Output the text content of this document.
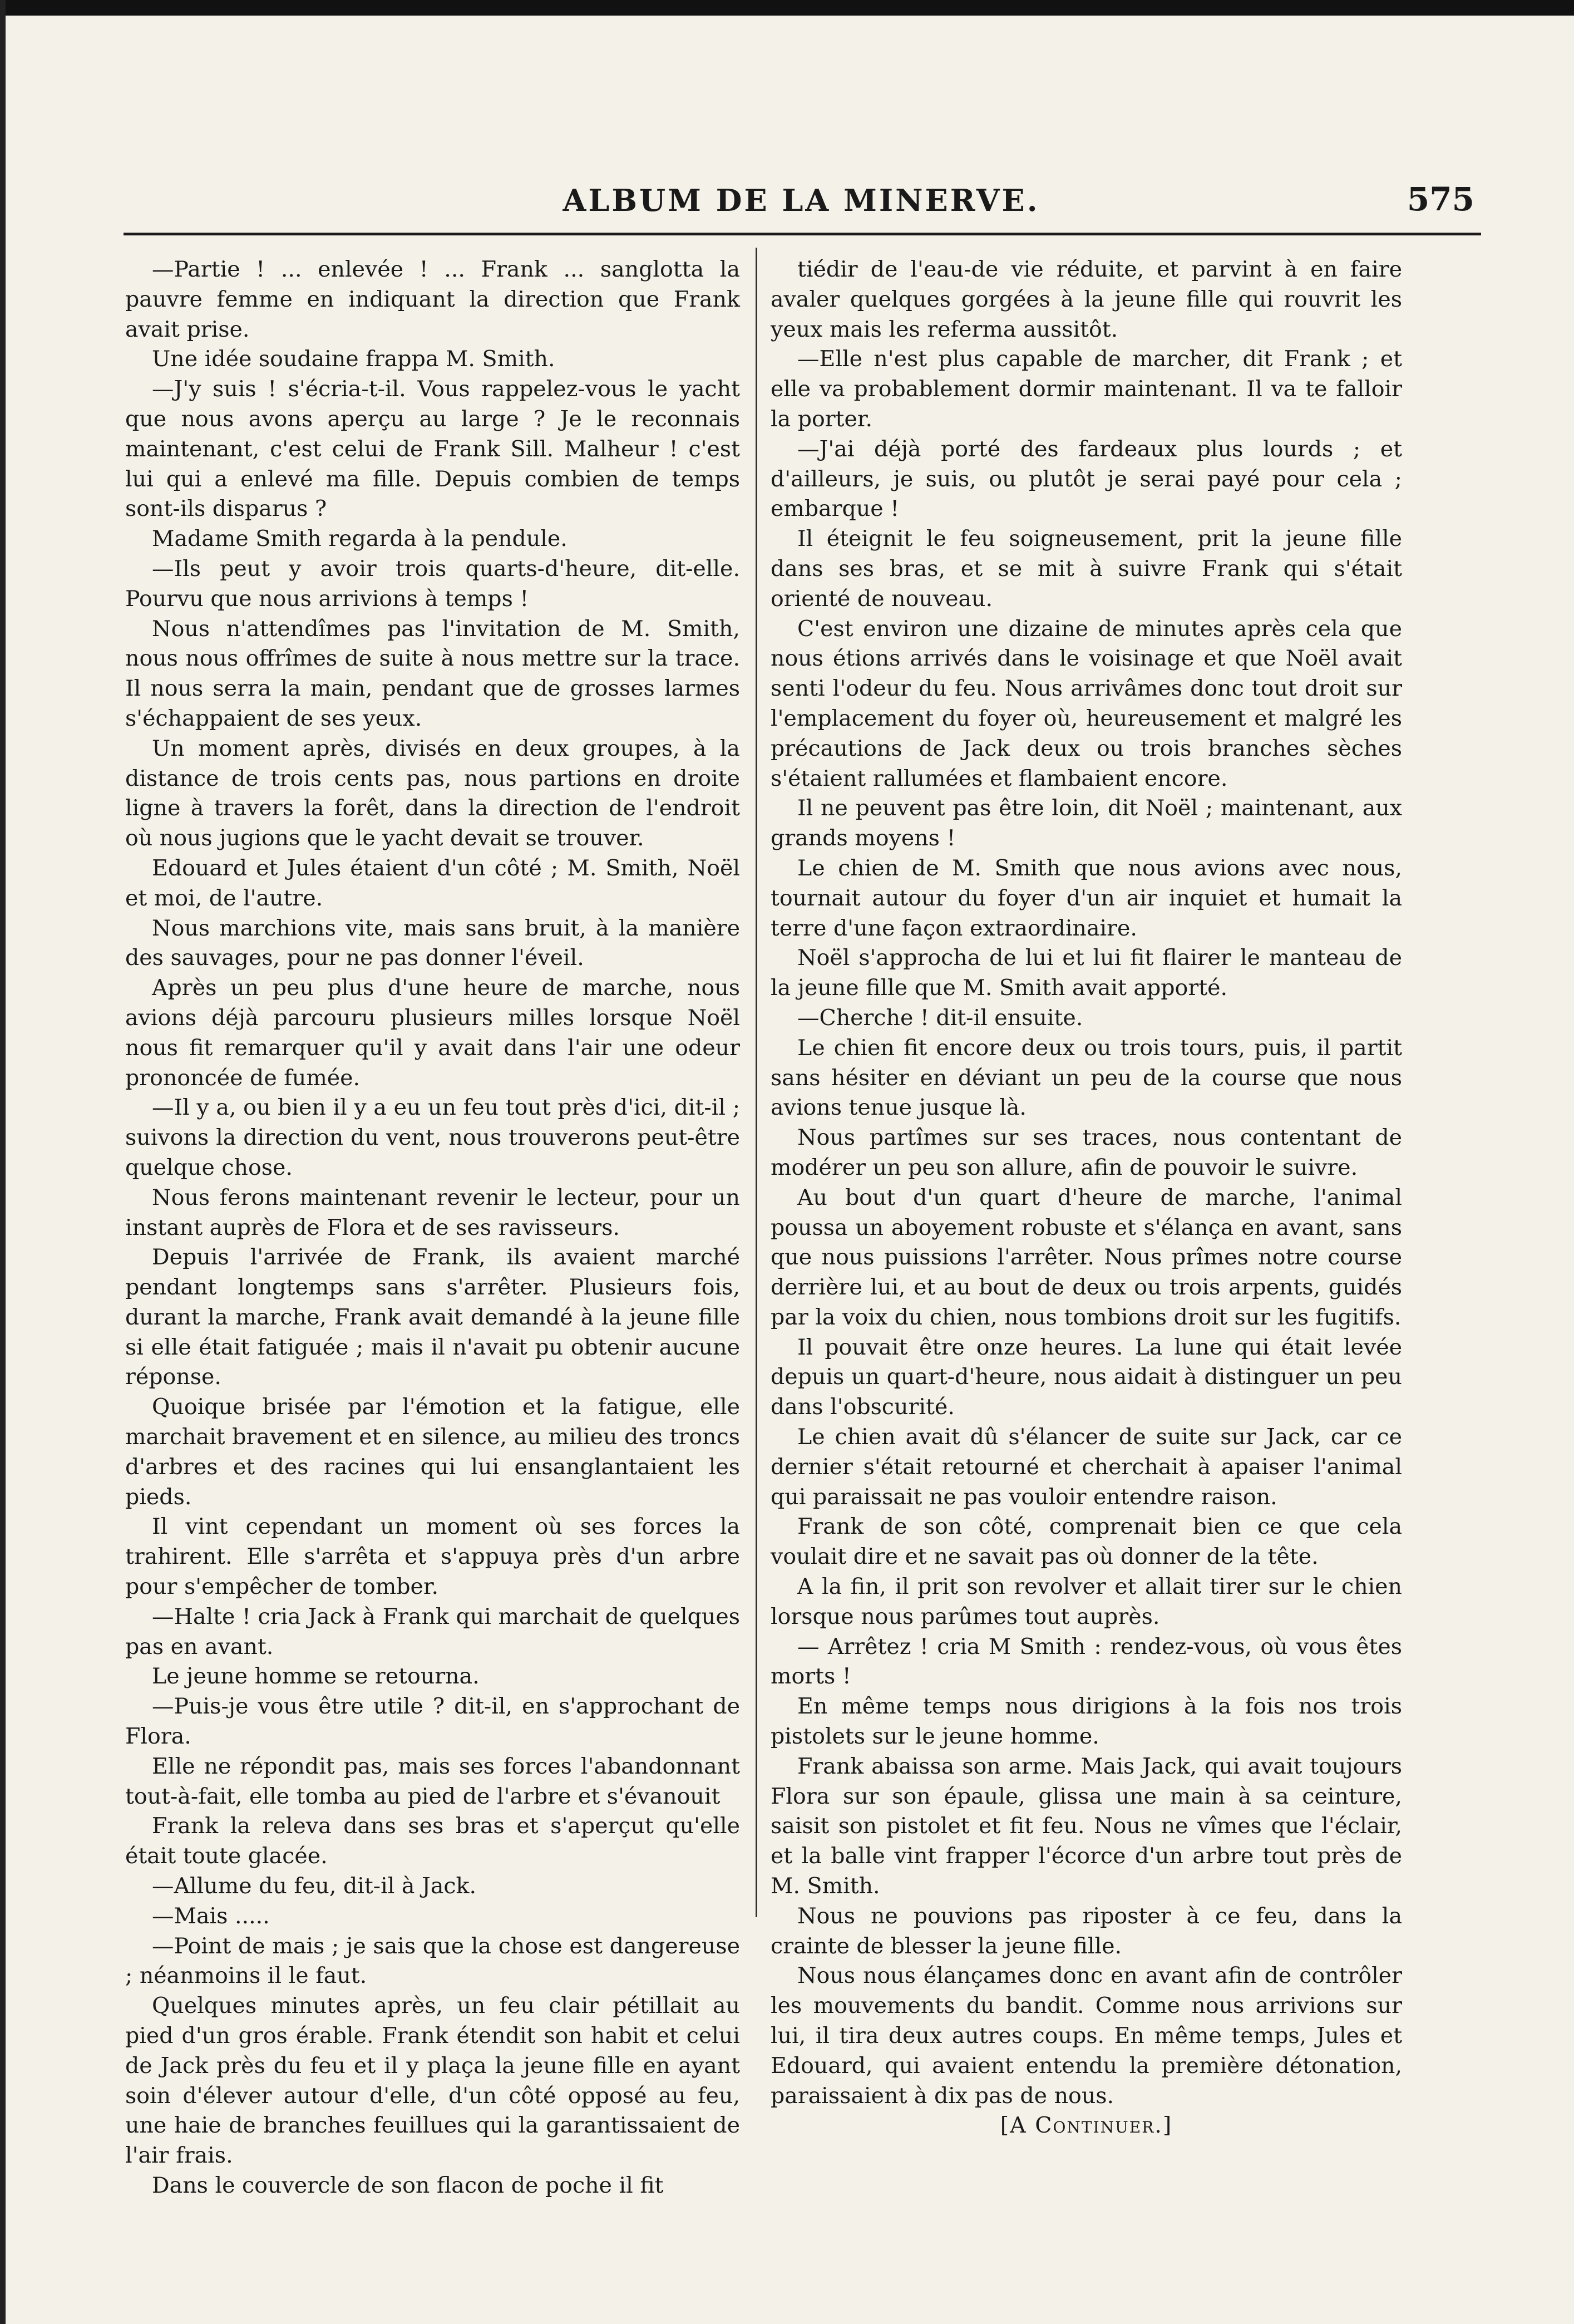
ALBUM DE LA MINERVE.	575

—Partie ! ... enlevée ! ... Frank ... sanglotta la pauvre femme en indiquant la direction que Frank avait prise.

Une idée soudaine frappa M. Smith.

—J'y suis ! s'écria-t-il. Vous rappelez-vous le yacht que nous avons aperçu au large ? Je le reconnais maintenant, c'est celui de Frank Sill. Malheur ! c'est lui qui a enlevé ma fille. Depuis combien de temps sont-ils disparus ?

Madame Smith regarda à la pendule.

—Ils peut y avoir trois quarts-d'heure, dit-elle. Pourvu que nous arrivions à temps !

Nous n'attendîmes pas l'invitation de M. Smith, nous nous offrîmes de suite à nous mettre sur la trace. Il nous serra la main, pendant que de grosses larmes s'échappaient de ses yeux.

Un moment après, divisés en deux groupes, à la distance de trois cents pas, nous partions en droite ligne à travers la forêt, dans la direction de l'endroit où nous jugions que le yacht devait se trouver.

Edouard et Jules étaient d'un côté ; M. Smith, Noël et moi, de l'autre.

Nous marchions vite, mais sans bruit, à la manière des sauvages, pour ne pas donner l'éveil.

Après un peu plus d'une heure de marche, nous avions déjà parcouru plusieurs milles lorsque Noël nous fit remarquer qu'il y avait dans l'air une odeur prononcée de fumée.

—Il y a, ou bien il y a eu un feu tout près d'ici, dit-il ; suivons la direction du vent, nous trouverons peut-être quelque chose.

Nous ferons maintenant revenir le lecteur, pour un instant auprès de Flora et de ses ravisseurs.

Depuis l'arrivée de Frank, ils avaient marché pendant longtemps sans s'arrêter. Plusieurs fois, durant la marche, Frank avait demandé à la jeune fille si elle était fatiguée ; mais il n'avait pu obtenir aucune réponse.

Quoique brisée par l'émotion et la fatigue, elle marchait bravement et en silence, au milieu des troncs d'arbres et des racines qui lui ensanglantaient les pieds.

Il vint cependant un moment où ses forces la trahirent. Elle s'arrêta et s'appuya près d'un arbre pour s'empêcher de tomber.

—Halte ! cria Jack à Frank qui marchait de quelques pas en avant.

Le jeune homme se retourna.

—Puis-je vous être utile ? dit-il, en s'approchant de Flora.

Elle ne répondit pas, mais ses forces l'abandonnant tout-à-fait, elle tomba au pied de l'arbre et s'évanouit

Frank la releva dans ses bras et s'aperçut qu'elle était toute glacée.

—Allume du feu, dit-il à Jack.

—Mais .....

—Point de mais ; je sais que la chose est dangereuse ; néanmoins il le faut.

Quelques minutes après, un feu clair pétillait au pied d'un gros érable. Frank étendit son habit et celui de Jack près du feu et il y plaça la jeune fille en ayant soin d'élever autour d'elle, d'un côté opposé au feu, une haie de branches feuillues qui la garantissaient de l'air frais.

Dans le couvercle de son flacon de poche il fit

tiédir de l'eau-de vie réduite, et parvint à en faire avaler quelques gorgées à la jeune fille qui rouvrit les yeux mais les referma aussitôt.

—Elle n'est plus capable de marcher, dit Frank ; et elle va probablement dormir maintenant. Il va te falloir la porter.

—J'ai déjà porté des fardeaux plus lourds ; et d'ailleurs, je suis, ou plutôt je serai payé pour cela ; embarque !

Il éteignit le feu soigneusement, prit la jeune fille dans ses bras, et se mit à suivre Frank qui s'était orienté de nouveau.

C'est environ une dizaine de minutes après cela que nous étions arrivés dans le voisinage et que Noël avait senti l'odeur du feu. Nous arrivâmes donc tout droit sur l'emplacement du foyer où, heureusement et malgré les précautions de Jack deux ou trois branches sèches s'étaient rallumées et flambaient encore.

Il ne peuvent pas être loin, dit Noël ; maintenant, aux grands moyens !

Le chien de M. Smith que nous avions avec nous, tournait autour du foyer d'un air inquiet et humait la terre d'une façon extraordinaire.

Noël s'approcha de lui et lui fit flairer le manteau de la jeune fille que M. Smith avait apporté.

—Cherche ! dit-il ensuite.

Le chien fit encore deux ou trois tours, puis, il partit sans hésiter en déviant un peu de la course que nous avions tenue jusque là.

Nous partîmes sur ses traces, nous contentant de modérer un peu son allure, afin de pouvoir le suivre.

Au bout d'un quart d'heure de marche, l'animal poussa un aboyement robuste et s'élança en avant, sans que nous puissions l'arrêter. Nous prîmes notre course derrière lui, et au bout de deux ou trois arpents, guidés par la voix du chien, nous tombions droit sur les fugitifs.

Il pouvait être onze heures. La lune qui était levée depuis un quart-d'heure, nous aidait à distinguer un peu dans l'obscurité.

Le chien avait dû s'élancer de suite sur Jack, car ce dernier s'était retourné et cherchait à apaiser l'animal qui paraissait ne pas vouloir entendre raison.

Frank de son côté, comprenait bien ce que cela voulait dire et ne savait pas où donner de la tête.

A la fin, il prit son revolver et allait tirer sur le chien lorsque nous parûmes tout auprès.

— Arrêtez ! cria M Smith : rendez-vous, où vous êtes morts !

En même temps nous dirigions à la fois nos trois pistolets sur le jeune homme.

Frank abaissa son arme. Mais Jack, qui avait toujours Flora sur son épaule, glissa une main à sa ceinture, saisit son pistolet et fit feu. Nous ne vîmes que l'éclair, et la balle vint frapper l'écorce d'un arbre tout près de M. Smith.

Nous ne pouvions pas riposter à ce feu, dans la crainte de blesser la jeune fille.

Nous nous élançames donc en avant afin de contrôler les mouvements du bandit. Comme nous arrivions sur lui, il tira deux autres coups. En même temps, Jules et Edouard, qui avaient entendu la première détonation, paraissaient à dix pas de nous.

[A Continuer.]
